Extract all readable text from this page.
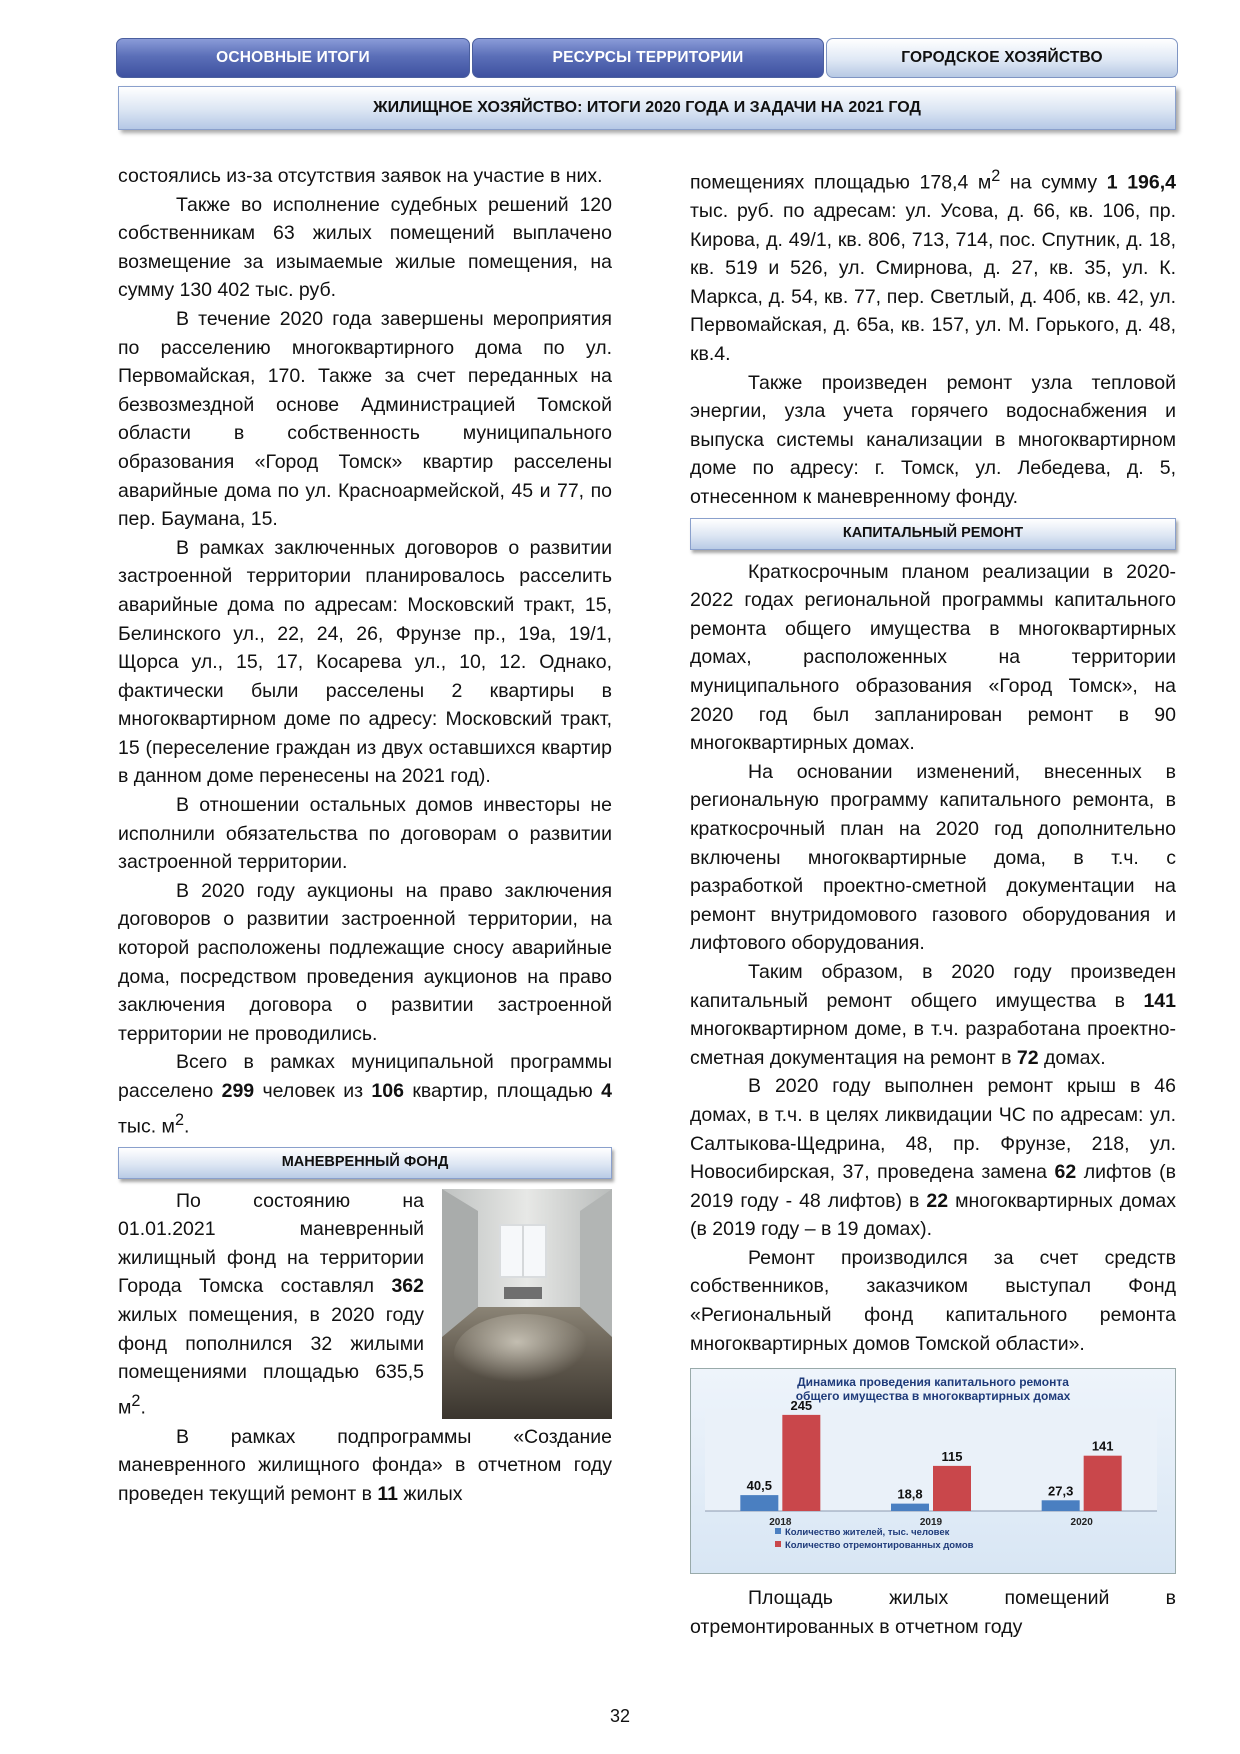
ОСНОВНЫЕ ИТОГИ	РЕСУРСЫ ТЕРРИТОРИИ	ГОРОДСКОЕ ХОЗЯЙСТВО
ЖИЛИЩНОЕ ХОЗЯЙСТВО: ИТОГИ 2020 ГОДА И ЗАДАЧИ НА 2021 ГОД

состоялись из-за отсутствия заявок на участие в них.

Также во исполнение судебных решений 120 собственникам 63 жилых помещений выплачено возмещение за изымаемые жилые помещения, на сумму 130 402 тыс. руб.

В течение 2020 года завершены мероприятия по расселению многоквартирного дома по ул. Первомайская, 170. Также за счет переданных на безвозмездной основе Администрацией Томской области в собственность муниципального образования «Город Томск» квартир расселены аварийные дома по ул. Красноармейской, 45 и 77, по пер. Баумана, 15.

В рамках заключенных договоров о развитии застроенной территории планировалось расселить аварийные дома по адресам: Московский тракт, 15, Белинского ул., 22, 24, 26, Фрунзе пр., 19а, 19/1, Щорса ул., 15, 17, Косарева ул., 10, 12. Однако, фактически были расселены 2 квартиры в многоквартирном доме по адресу: Московский тракт, 15 (переселение граждан из двух оставшихся квартир в данном доме перенесены на 2021 год).

В отношении остальных домов инвесторы не исполнили обязательства по договорам о развитии застроенной территории.

В 2020 году аукционы на право заключения договоров о развитии застроенной территории, на которой расположены подлежащие сносу аварийные дома, посредством проведения аукционов на право заключения договора о развитии застроенной территории не проводились.

Всего в рамках муниципальной программы расселено 299 человек из 106 квартир, площадью 4 тыс. $м^2$.

МАНЕВРЕННЫЙ ФОНД

По состоянию на 01.01.2021 маневренный жилищный фонд на территории Города Томска составлял 362 жилых помещения, в 2020 году фонд пополнился 32 жилыми помещениями площадью 635,5 $м^2$.

В рамках подпрограммы «Создание маневренного жилищного фонда» в отчетном году проведен текущий ремонт в 11 жилых

помещениях площадью 178,4 $м^2$ на сумму 1 196,4 тыс. руб. по адресам: ул. Усова, д. 66, кв. 106, пр. Кирова, д. 49/1, кв. 806, 713, 714, пос. Спутник, д. 18, кв. 519 и 526, ул. Смирнова, д. 27, кв. 35, ул. К. Маркса, д. 54, кв. 77, пер. Светлый, д. 40б, кв. 42, ул. Первомайская, д. 65а, кв. 157, ул. М. Горького, д. 48, кв.4.

Также произведен ремонт узла тепловой энергии, узла учета горячего водоснабжения и выпуска системы канализации в многоквартирном доме по адресу: г. Томск, ул. Лебедева, д. 5, отнесенном к маневренному фонду.

КАПИТАЛЬНЫЙ РЕМОНТ

Краткосрочным планом реализации в 2020-2022 годах региональной программы капитального ремонта общего имущества в многоквартирных домах, расположенных на территории муниципального образования «Город Томск», на 2020 год был запланирован ремонт в 90 многоквартирных домах.

На основании изменений, внесенных в региональную программу капитального ремонта, в краткосрочный план на 2020 год дополнительно включены многоквартирные дома, в т.ч. с разработкой проектно-сметной документации на ремонт внутридомового газового оборудования и лифтового оборудования.

Таким образом, в 2020 году произведен капитальный ремонт общего имущества в 141 многоквартирном доме, в т.ч. разработана проектно-сметная документация на ремонт в 72 домах.

В 2020 году выполнен ремонт крыш в 46 домах, в т.ч. в целях ликвидации ЧС по адресам: ул. Салтыкова-Щедрина, 48, пр. Фрунзе, 218, ул. Новосибирская, 37, проведена замена 62 лифтов (в 2019 году - 48 лифтов) в 22 многоквартирных домах (в 2019 году – в 19 домах).

Ремонт производился за счет средств собственников, заказчиком выступал Фонд «Региональный фонд капитального ремонта многоквартирных домов Томской области».

Динамика проведения капитального ремонта
общего имущества в многоквартирных домах
40,5
245
2018
18,8
115
2019
27,3
141
2020
Количество жителей, тыс. человек
Количество отремонтированных домов

Площадь жилых помещений в отремонтированных в отчетном году

32
